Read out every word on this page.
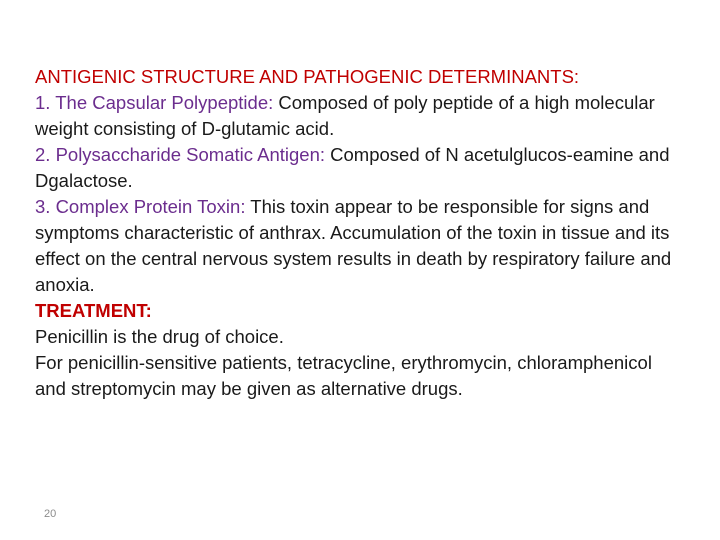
ANTIGENIC STRUCTURE AND PATHOGENIC DETERMINANTS:

1. The Capsular Polypeptide: Composed of poly peptide of a high molecular weight consisting of D-glutamic acid.

2. Polysaccharide Somatic Antigen: Composed of N acetulglucos-eamine and Dgalactose.

3. Complex Protein Toxin: This toxin appear to be responsible for signs and symptoms characteristic of anthrax. Accumulation of the toxin in tissue and its effect on the central nervous system results in death by respiratory failure and anoxia.

TREATMENT:

Penicillin is the drug of choice.

For penicillin-sensitive patients, tetracycline, erythromycin, chloramphenicol and streptomycin may be given as alternative drugs.

20
